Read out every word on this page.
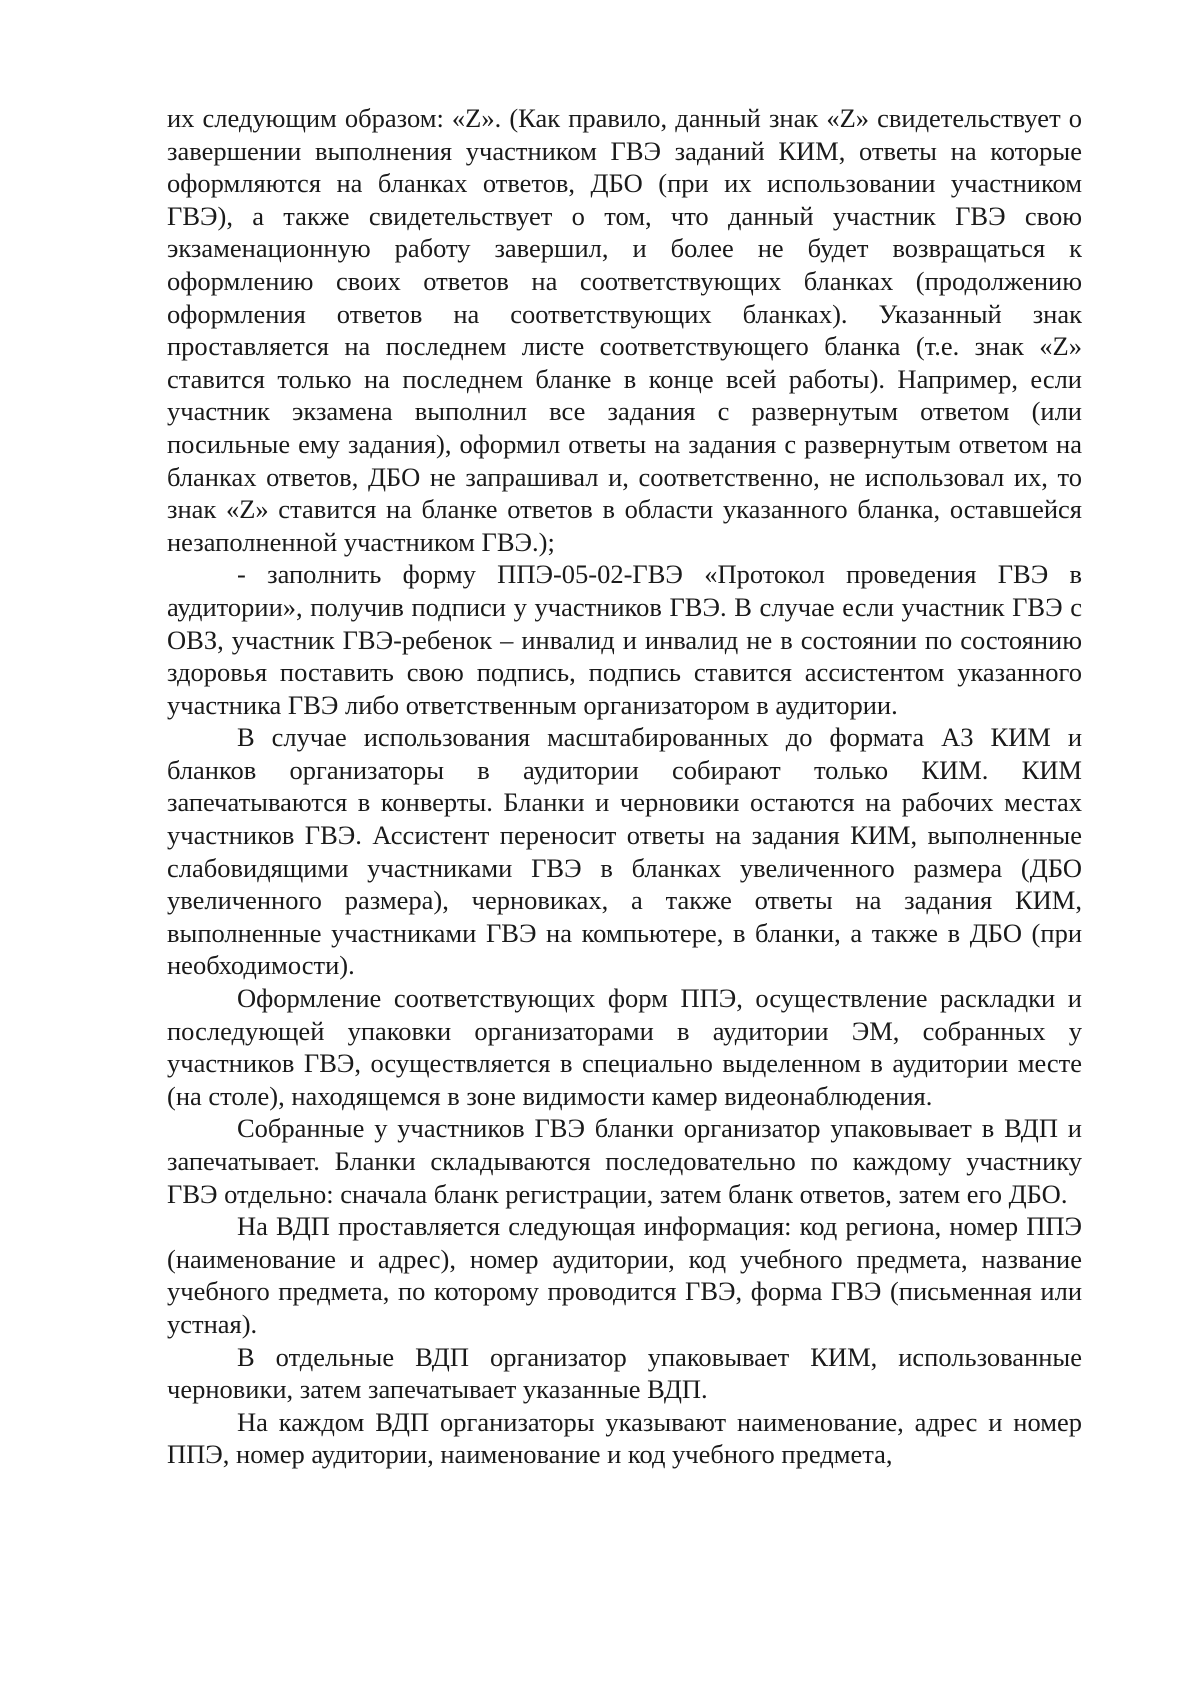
их следующим образом: «Z». (Как правило, данный знак «Z» свидетельствует о завершении выполнения участником ГВЭ заданий КИМ, ответы на которые оформляются на бланках ответов, ДБО (при их использовании участником ГВЭ), а также свидетельствует о том, что данный участник ГВЭ свою экзаменационную работу завершил, и более не будет возвращаться к оформлению своих ответов на соответствующих бланках (продолжению оформления ответов на соответствующих бланках). Указанный знак проставляется на последнем листе соответствующего бланка (т.е. знак «Z» ставится только на последнем бланке в конце всей работы). Например, если участник экзамена выполнил все задания с развернутым ответом (или посильные ему задания), оформил ответы на задания с развернутым ответом на бланках ответов, ДБО не запрашивал и, соответственно, не использовал их, то знак «Z» ставится на бланке ответов в области указанного бланка, оставшейся незаполненной участником ГВЭ.);

- заполнить форму ППЭ-05-02-ГВЭ «Протокол проведения ГВЭ в аудитории», получив подписи у участников ГВЭ. В случае если участник ГВЭ с ОВЗ, участник ГВЭ-ребенок – инвалид и инвалид не в состоянии по состоянию здоровья поставить свою подпись, подпись ставится ассистентом указанного участника ГВЭ либо ответственным организатором в аудитории.

В случае использования масштабированных до формата А3 КИМ и бланков организаторы в аудитории собирают только КИМ. КИМ запечатываются в конверты. Бланки и черновики остаются на рабочих местах участников ГВЭ. Ассистент переносит ответы на задания КИМ, выполненные слабовидящими участниками ГВЭ в бланках увеличенного размера (ДБО увеличенного размера), черновиках, а также ответы на задания КИМ, выполненные участниками ГВЭ на компьютере, в бланки, а также в ДБО (при необходимости).

Оформление соответствующих форм ППЭ, осуществление раскладки и последующей упаковки организаторами в аудитории ЭМ, собранных у участников ГВЭ, осуществляется в специально выделенном в аудитории месте (на столе), находящемся в зоне видимости камер видеонаблюдения.

Собранные у участников ГВЭ бланки организатор упаковывает в ВДП и запечатывает. Бланки складываются последовательно по каждому участнику ГВЭ отдельно: сначала бланк регистрации, затем бланк ответов, затем его ДБО.

На ВДП проставляется следующая информация: код региона, номер ППЭ (наименование и адрес), номер аудитории, код учебного предмета, название учебного предмета, по которому проводится ГВЭ, форма ГВЭ (письменная или устная).

В отдельные ВДП организатор упаковывает КИМ, использованные черновики, затем запечатывает указанные ВДП.

На каждом ВДП организаторы указывают наименование, адрес и номер ППЭ, номер аудитории, наименование и код учебного предмета,
